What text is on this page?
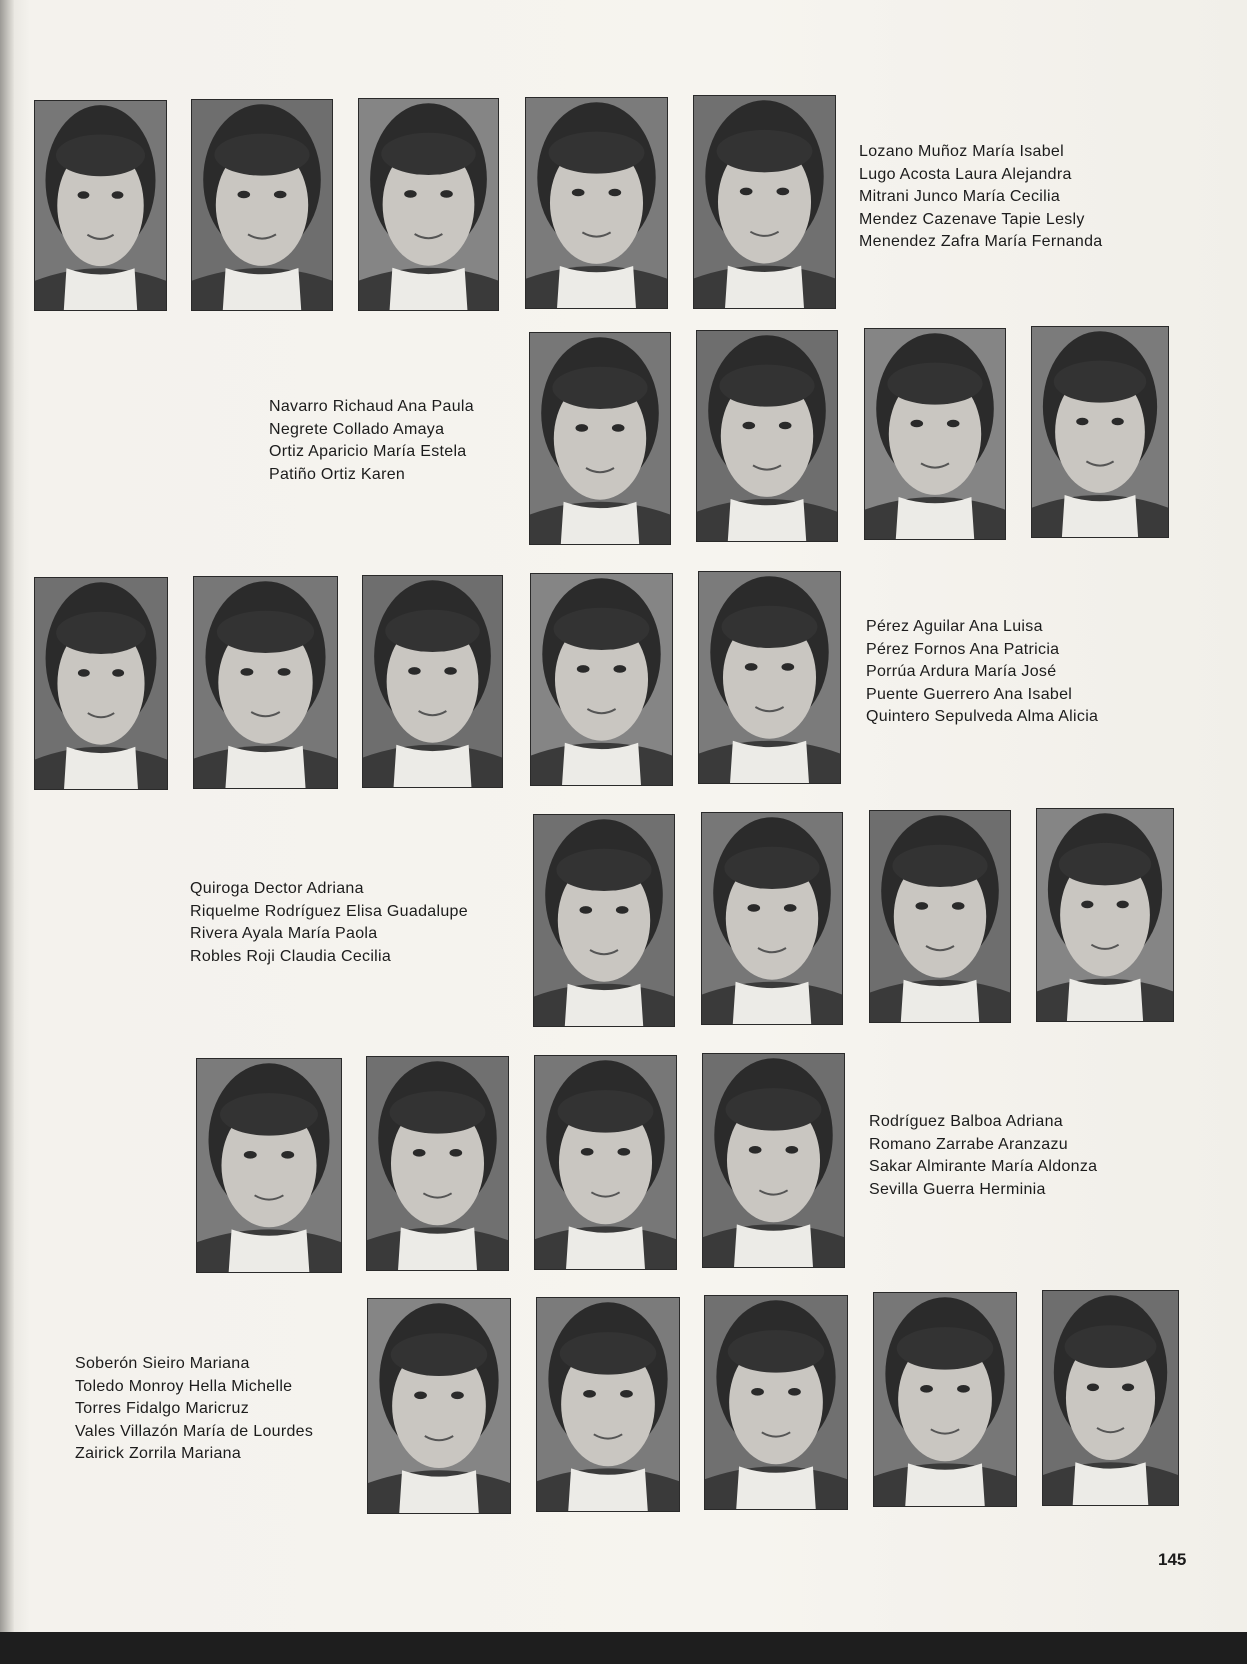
Lozano Muñoz María Isabel
Lugo Acosta Laura Alejandra
Mitrani Junco María Cecilia
Mendez Cazenave Tapie Lesly
Menendez Zafra María Fernanda
Navarro Richaud Ana Paula
Negrete Collado Amaya
Ortiz Aparicio María Estela
Patiño Ortiz Karen
Pérez Aguilar Ana Luisa
Pérez Fornos Ana Patricia
Porrúa Ardura María José
Puente Guerrero Ana Isabel
Quintero Sepulveda Alma Alicia
Quiroga Dector Adriana
Riquelme Rodríguez Elisa Guadalupe
Rivera Ayala María Paola
Robles Roji Claudia Cecilia
Rodríguez Balboa Adriana
Romano Zarrabe Aranzazu
Sakar Almirante María Aldonza
Sevilla Guerra Herminia
Soberón Sieiro Mariana
Toledo Monroy Hella Michelle
Torres Fidalgo Maricruz
Vales Villazón María de Lourdes
Zairick Zorrila Mariana
145
